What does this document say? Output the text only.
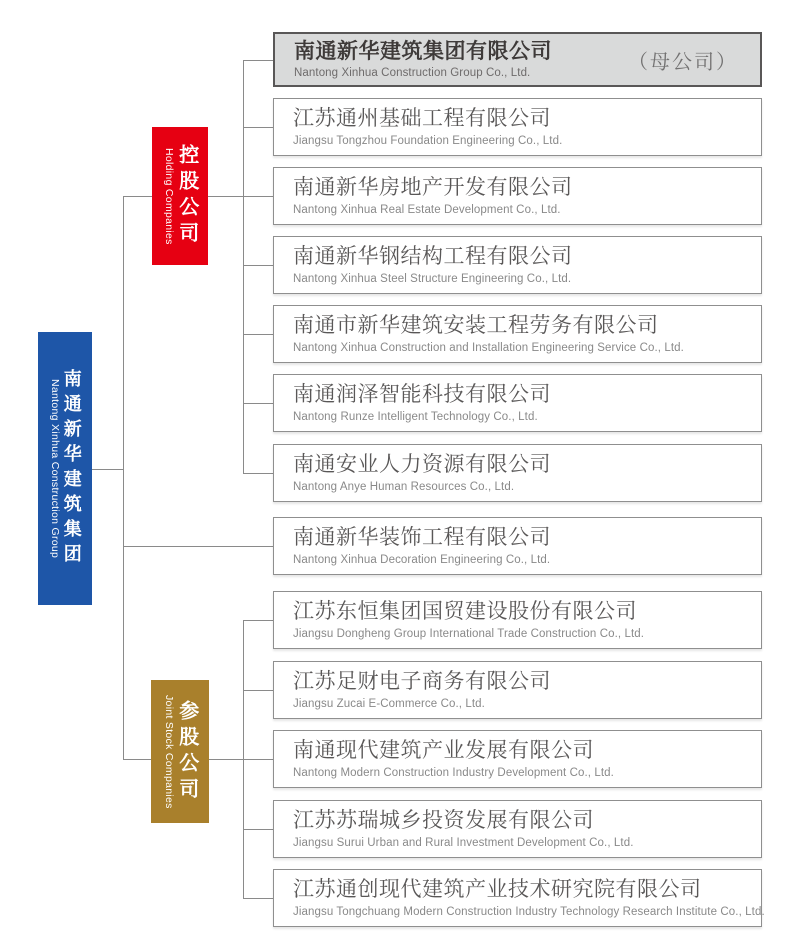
南通新华建筑集团
Nantong Xinhua Construction Group
控股公司
Holding Companies
参股公司
Joint Stock Companies
南通新华建筑集团有限公司
Nantong Xinhua Construction Group Co., Ltd.
（母公司）
江苏通州基础工程有限公司
Jiangsu Tongzhou Foundation Engineering Co., Ltd.
南通新华房地产开发有限公司
Nantong Xinhua Real Estate Development Co., Ltd.
南通新华钢结构工程有限公司
Nantong Xinhua Steel Structure Engineering Co., Ltd.
南通市新华建筑安装工程劳务有限公司
Nantong Xinhua Construction and Installation Engineering Service Co., Ltd.
南通润泽智能科技有限公司
Nantong Runze Intelligent Technology Co., Ltd.
南通安业人力资源有限公司
Nantong Anye Human Resources Co., Ltd.
南通新华装饰工程有限公司
Nantong Xinhua Decoration Engineering Co., Ltd.
江苏东恒集团国贸建设股份有限公司
Jiangsu Dongheng Group International Trade Construction Co., Ltd.
江苏足财电子商务有限公司
Jiangsu Zucai E-Commerce Co., Ltd.
南通现代建筑产业发展有限公司
Nantong Modern Construction Industry Development Co., Ltd.
江苏苏瑞城乡投资发展有限公司
Jiangsu Surui Urban and Rural Investment Development Co., Ltd.
江苏通创现代建筑产业技术研究院有限公司
Jiangsu Tongchuang Modern Construction Industry Technology Research Institute Co., Ltd.
